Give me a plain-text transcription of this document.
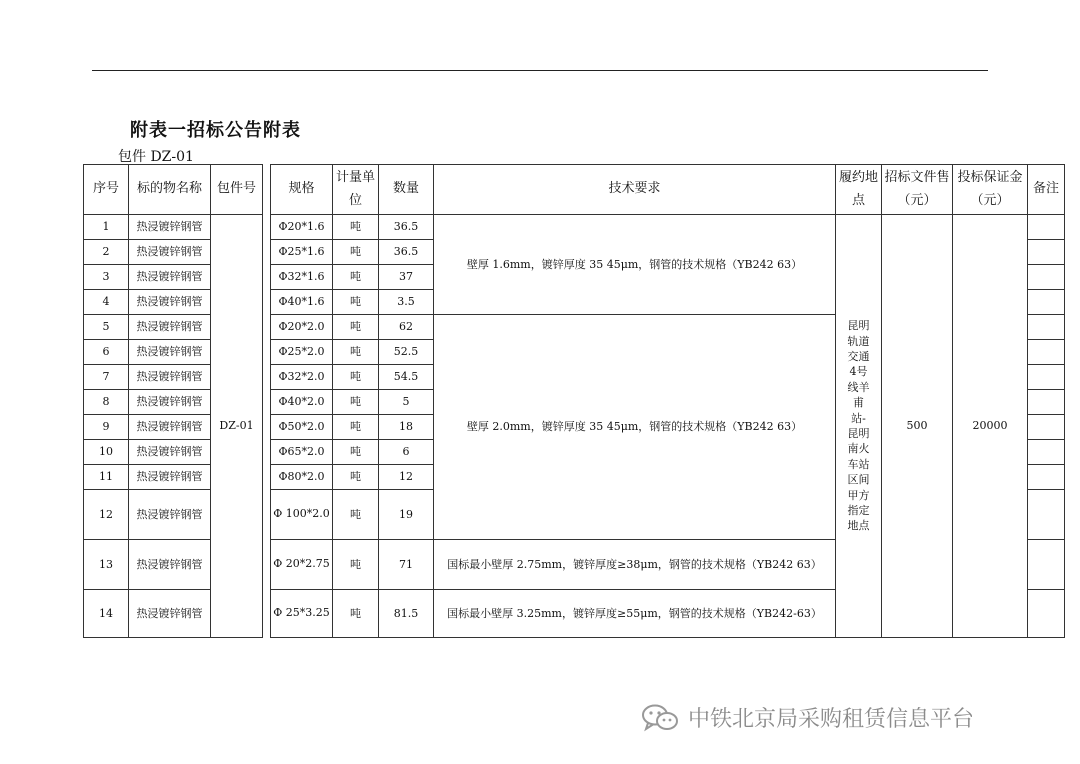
附表一招标公告附表
包件 DZ-01
序号	标的物名称	包件号		规格	计量单位	数量	技术要求	履约地点	招标文件售（元）	投标保证金（元）	备注
1	热浸镀锌钢管	DZ-01		Φ20*1.6	吨	36.5	壁厚 1.6mm，镀锌厚度 35 45μm，钢管的技术规格（YB242 63）	昆明轨道交通4号线羊甫站-昆明南火车站区间甲方指定地点	500	20000	
2	热浸镀锌钢管			Φ25*1.6	吨	36.5					
3	热浸镀锌钢管			Φ32*1.6	吨	37					
4	热浸镀锌钢管			Φ40*1.6	吨	3.5					
5	热浸镀锌钢管			Φ20*2.0	吨	62	壁厚 2.0mm，镀锌厚度 35 45μm，钢管的技术规格（YB242 63）				
6	热浸镀锌钢管			Φ25*2.0	吨	52.5					
7	热浸镀锌钢管			Φ32*2.0	吨	54.5					
8	热浸镀锌钢管			Φ40*2.0	吨	5					
9	热浸镀锌钢管			Φ50*2.0	吨	18					
10	热浸镀锌钢管			Φ65*2.0	吨	6					
11	热浸镀锌钢管			Φ80*2.0	吨	12					
12	热浸镀锌钢管			Φ 100*2.0	吨	19					
13	热浸镀锌钢管			Φ 20*2.75	吨	71	国标最小壁厚 2.75mm，镀锌厚度≥38μm，钢管的技术规格（YB242 63）				
14	热浸镀锌钢管			Φ 25*3.25	吨	81.5	国标最小壁厚 3.25mm，镀锌厚度≥55μm，钢管的技术规格（YB242-63）				
中铁北京局采购租赁信息平台
